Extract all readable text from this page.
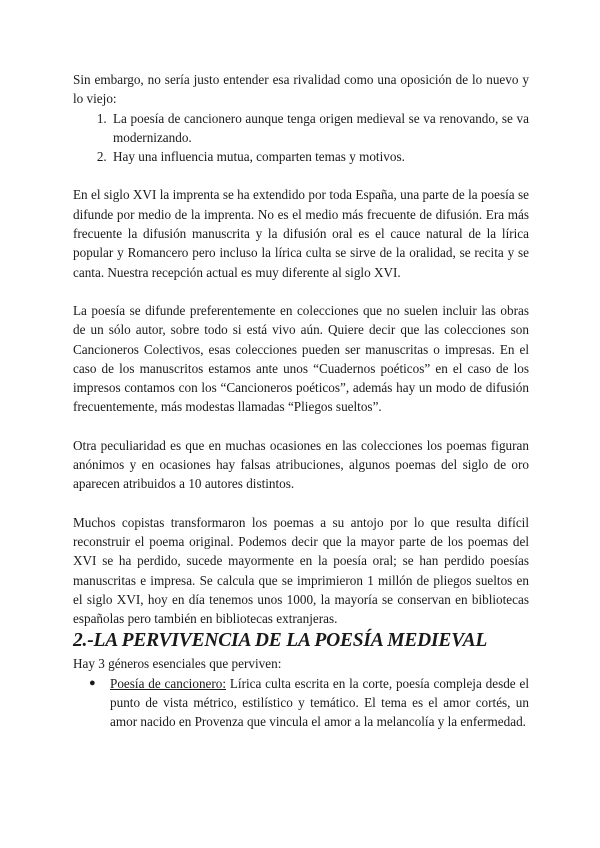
Sin embargo, no sería justo entender esa rivalidad como una oposición de lo nuevo y lo viejo:

1. La poesía de cancionero aunque tenga origen medieval se va renovando, se va modernizando.
2. Hay una influencia mutua, comparten temas y motivos.

En el siglo XVI la imprenta se ha extendido por toda España, una parte de la poesía se difunde por medio de la imprenta. No es el medio más frecuente de difusión. Era más frecuente la difusión manuscrita y la difusión oral es el cauce natural de la lírica popular y Romancero pero incluso la lírica culta se sirve de la oralidad, se recita y se canta. Nuestra recepción actual es muy diferente al siglo XVI.

La poesía se difunde preferentemente en colecciones que no suelen incluir las obras de un sólo autor, sobre todo si está vivo aún. Quiere decir que las colecciones son Cancioneros Colectivos, esas colecciones pueden ser manuscritas o impresas. En el caso de los manuscritos estamos ante unos “Cuadernos poéticos” en el caso de los impresos contamos con los “Cancioneros poéticos”, además hay un modo de difusión frecuentemente, más modestas llamadas “Pliegos sueltos”.

Otra peculiaridad es que en muchas ocasiones en las colecciones los poemas figuran anónimos y en ocasiones hay falsas atribuciones, algunos poemas del siglo de oro aparecen atribuidos a 10 autores distintos.

Muchos copistas transformaron los poemas a su antojo por lo que resulta difícil reconstruir el poema original. Podemos decir que la mayor parte de los poemas del XVI se ha perdido, sucede mayormente en la poesía oral; se han perdido poesías manuscritas e impresa. Se calcula que se imprimieron 1 millón de pliegos sueltos en el siglo XVI, hoy en día tenemos unos 1000, la mayoría se conservan en bibliotecas españolas pero también en bibliotecas extranjeras.

2.-LA PERVIVENCIA DE LA POESÍA MEDIEVAL

Hay 3 géneros esenciales que perviven:

● Poesía de cancionero: Lírica culta escrita en la corte, poesía compleja desde el punto de vista métrico, estilístico y temático. El tema es el amor cortés, un amor nacido en Provenza que vincula el amor a la melancolía y la enfermedad.
